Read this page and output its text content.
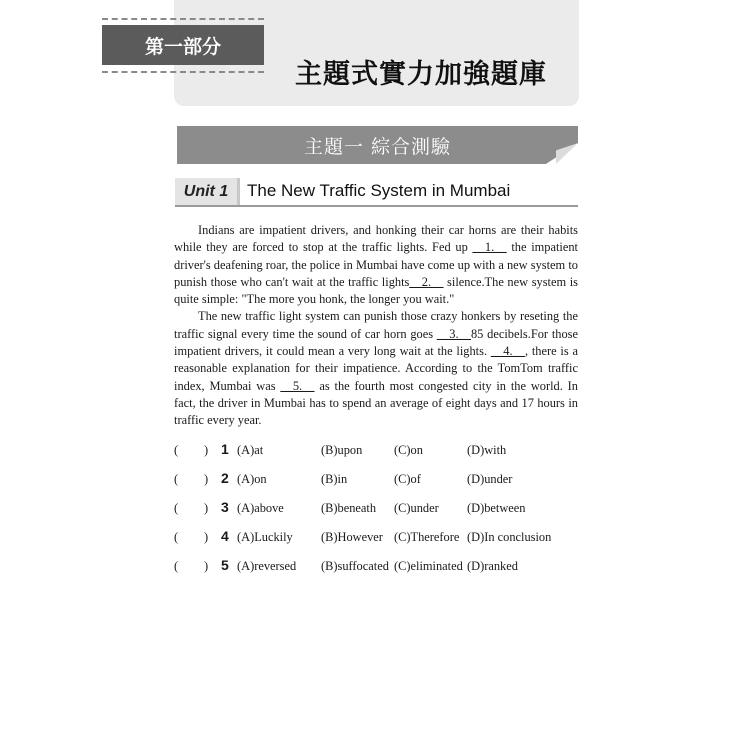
第一部分
主題式實力加強題庫
主題一 綜合測驗
Unit 1	The New Traffic System in Mumbai

Indians are impatient drivers, and honking their car horns are their habits while they are forced to stop at the traffic lights. Fed up __1.__ the impatient driver's deafening roar, the police in Mumbai have come up with a new system to punish those who can't wait at the traffic lights__2.__ silence.The new system is quite simple: "The more you honk, the longer you wait."

The new traffic light system can punish those crazy honkers by reseting the traffic signal every time the sound of car horn goes __3.__85 decibels.For those impatient drivers, it could mean a very long wait at the lights. __4.__, there is a reasonable explanation for their impatience. According to the TomTom traffic index, Mumbai was __5.__ as the fourth most congested city in the world. In fact, the driver in Mumbai has to spend an average of eight days and 17 hours in traffic every year.

( ) 1 (A)at	(B)upon	(C)on	(D)with
( ) 2 (A)on	(B)in	(C)of	(D)under
( ) 3 (A)above	(B)beneath (C)under (D)between
( ) 4 (A)Luckily (B)However (C)Therefore (D)In conclusion
( ) 5 (A)reversed (B)suffocated (C)eliminated (D)ranked
